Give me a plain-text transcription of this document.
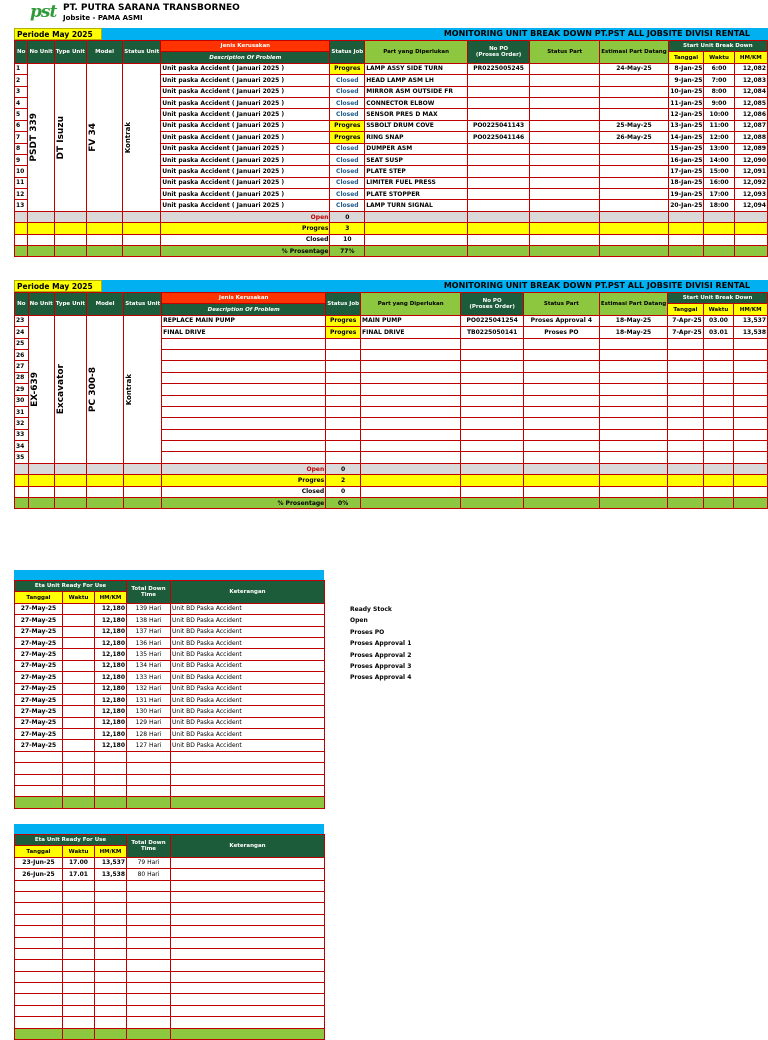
pst PT. PUTRA SARANA TRANSBORNEO
Jobsite - PAMA ASMI
Periode May 2025	MONITORING UNIT BREAK DOWN PT.PST ALL JOBSITE DIVISI RENTAL
No	No Unit	Type Unit	Model	Status Unit	Jenis Kerusakan	Status Job	Part yang Diperlukan	No PO
(Proses Order)	Status Part	Estimasi Part Datang	Start Unit Break Down		
					Description Of Problem						Tanggal	Waktu	HM/KM
1	PSDT 339	DT Isuzu	FV 34	Kontrak	Unit paska Accident ( Januari 2025 )	Progres	LAMP ASSY SIDE TURN	PR0225005245		24-May-25	8-Jan-25	6:00	12,082
2					Unit paska Accident ( Januari 2025 )	Closed	HEAD LAMP ASM LH				9-Jan-25	7:00	12,083
3					Unit paska Accident ( Januari 2025 )	Closed	MIRROR ASM OUTSIDE FR				10-Jan-25	8:00	12,084
4					Unit paska Accident ( Januari 2025 )	Closed	CONNECTOR ELBOW				11-Jan-25	9:00	12,085
5					Unit paska Accident ( Januari 2025 )	Closed	SENSOR PRES D MAX				12-Jan-25	10:00	12,086
6					Unit paska Accident ( Januari 2025 )	Progres	SSBOLT DRUM COVE	PO0225041143		25-May-25	13-Jan-25	11:00	12,087
7					Unit paska Accident ( Januari 2025 )	Progres	RING SNAP	PO0225041146		26-May-25	14-Jan-25	12:00	12,088
8					Unit paska Accident ( Januari 2025 )	Closed	DUMPER ASM				15-Jan-25	13:00	12,089
9					Unit paska Accident ( Januari 2025 )	Closed	SEAT SUSP				16-Jan-25	14:00	12,090
10					Unit paska Accident ( Januari 2025 )	Closed	PLATE STEP				17-Jan-25	15:00	12,091
11					Unit paska Accident ( Januari 2025 )	Closed	LIMITER FUEL PRESS				18-Jan-25	16:00	12,092
12					Unit paska Accident ( Januari 2025 )	Closed	PLATE STOPPER				19-Jan-25	17:00	12,093
13					Unit paska Accident ( Januari 2025 )	Closed	LAMP TURN SIGNAL				20-Jan-25	18:00	12,094
					Open	0							
					Progres	3							
					Closed	10							
					% Prosentage	77%							
Periode May 2025	MONITORING UNIT BREAK DOWN PT.PST ALL JOBSITE DIVISI RENTAL
No	No Unit	Type Unit	Model	Status Unit	Jenis Kerusakan	Status Job	Part yang Diperlukan	No PO
(Proses Order)	Status Part	Estimasi Part Datang	Start Unit Break Down		
					Description Of Problem						Tanggal	Waktu	HM/KM
23	EX-639	Excavator	PC 300-8	Kontrak	REPLACE MAIN PUMP	Progres	MAIN PUMP	PO0225041254	Proses Approval 4	18-May-25	7-Apr-25	03.00	13,537
24					FINAL DRIVE	Progres	FINAL DRIVE	TB0225050141	Proses PO	18-May-25	7-Apr-25	03.01	13,538
25													
26													
27													
28													
29													
30													
31													
32													
33													
34													
35													
					Open	0							
					Progres	2							
					Closed	0							
					% Prosentage	0%							
Eta Unit Ready For Use			Total Down Time	Keterangan
Tanggal	Waktu	HM/KM		
27-May-25		12,180	139 Hari	Unit BD Paska Accident
27-May-25		12,180	138 Hari	Unit BD Paska Accident
27-May-25		12,180	137 Hari	Unit BD Paska Accident
27-May-25		12,180	136 Hari	Unit BD Paska Accident
27-May-25		12,180	135 Hari	Unit BD Paska Accident
27-May-25		12,180	134 Hari	Unit BD Paska Accident
27-May-25		12,180	133 Hari	Unit BD Paska Accident
27-May-25		12,180	132 Hari	Unit BD Paska Accident
27-May-25		12,180	131 Hari	Unit BD Paska Accident
27-May-25		12,180	130 Hari	Unit BD Paska Accident
27-May-25		12,180	129 Hari	Unit BD Paska Accident
27-May-25		12,180	128 Hari	Unit BD Paska Accident
27-May-25		12,180	127 Hari	Unit BD Paska Accident

Ready Stock
Open
Proses PO
Proses Approval 1
Proses Approval 2
Proses Approval 3
Proses Approval 4
Eta Unit Ready For Use			Total Down Time	Keterangan
Tanggal	Waktu	HM/KM		
23-Jun-25	17.00	13,537	79 Hari	
26-Jun-25	17.01	13,538	80 Hari	
